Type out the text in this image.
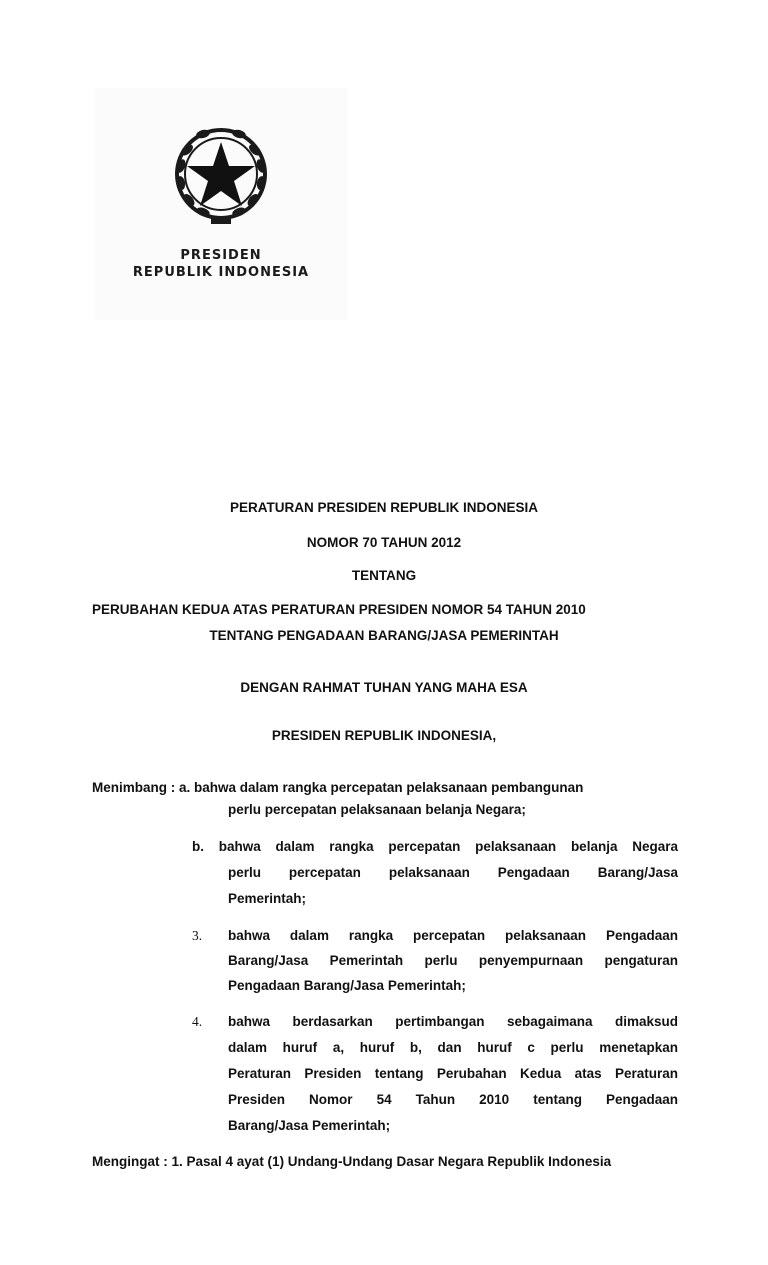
PRESIDEN
REPUBLIK INDONESIA
PERATURAN PRESIDEN REPUBLIK INDONESIA
NOMOR 70 TAHUN 2012
TENTANG
PERUBAHAN KEDUA ATAS PERATURAN PRESIDEN NOMOR 54 TAHUN 2010
TENTANG PENGADAAN BARANG/JASA PEMERINTAH
DENGAN RAHMAT TUHAN YANG MAHA ESA
PRESIDEN REPUBLIK INDONESIA,
Menimbang : a. bahwa dalam rangka percepatan pelaksanaan pembangunan
perlu percepatan pelaksanaan belanja Negara;
b. bahwa dalam rangka percepatan pelaksanaan belanja Negara
perlu percepatan pelaksanaan Pengadaan Barang/Jasa
Pemerintah;
3. bahwa dalam rangka percepatan pelaksanaan Pengadaan
Barang/Jasa Pemerintah perlu penyempurnaan pengaturan
Pengadaan Barang/Jasa Pemerintah;
4. bahwa berdasarkan pertimbangan sebagaimana dimaksud
dalam huruf a, huruf b, dan huruf c perlu menetapkan
Peraturan Presiden tentang Perubahan Kedua atas Peraturan
Presiden Nomor 54 Tahun 2010 tentang Pengadaan
Barang/Jasa Pemerintah;
Mengingat : 1. Pasal 4 ayat (1) Undang-Undang Dasar Negara Republik Indonesia
